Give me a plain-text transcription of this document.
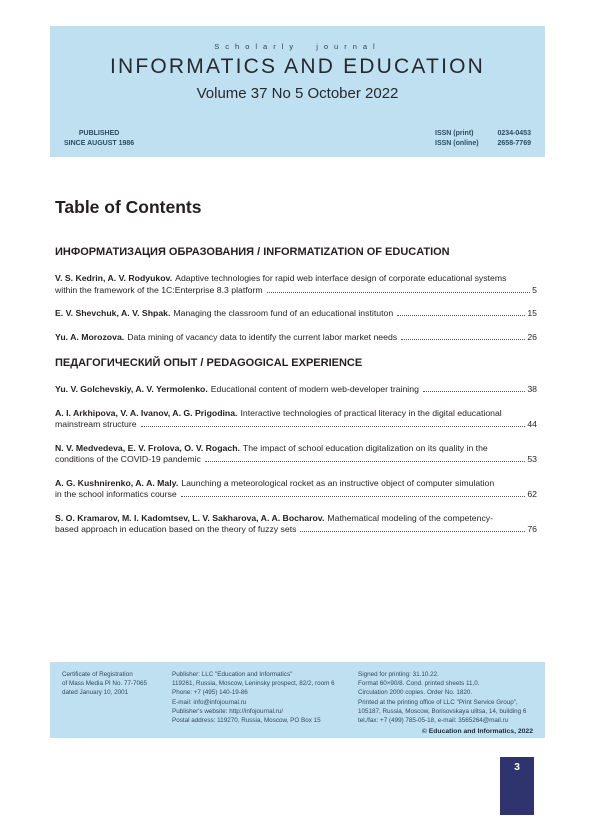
Scholarly journal
INFORMATICS AND EDUCATION
Volume 37 No 5 October 2022
PUBLISHED
SINCE AUGUST 1986
ISSN (print)	0234-0453
ISSN (online)	2658-7769
Table of Contents
ИНФОРМАТИЗАЦИЯ ОБРАЗОВАНИЯ / INFORMATIZATION OF EDUCATION
V. S. Kedrin, A. V. Rodyukov. Adaptive technologies for rapid web interface design of corporate educational systems
within the framework of the 1C:Enterprise 8.3 platform	5
E. V. Shevchuk, A. V. Shpak. Managing the classroom fund of an educational instituton	15
Yu. A. Morozova. Data mining of vacancy data to identify the current labor market needs	26
ПЕДАГОГИЧЕСКИЙ ОПЫТ / PEDAGOGICAL EXPERIENCE
Yu. V. Golchevskiy, A. V. Yermolenko. Educational content of modern web-developer training	38
A. I. Arkhipova, V. A. Ivanov, A. G. Prigodina. Interactive technologies of practical literacy in the digital educational
mainstream structure	44
N. V. Medvedeva, E. V. Frolova, O. V. Rogach. The impact of school education digitalization on its quality in the
conditions of the COVID-19 pandemic	53
A. G. Kushnirenko, A. A. Maly. Launching a meteorological rocket as an instructive object of computer simulation
in the school informatics course	62
S. O. Kramarov, M. I. Kadomtsev, L. V. Sakharova, A. A. Bocharov. Mathematical modeling of the competency-
based approach in education based on the theory of fuzzy sets	76
Certificate of Registration
of Mass Media PI No. 77-7065
dated January 10, 2001
Publisher: LLC "Education and Informatics"
119261, Russia, Moscow, Leninsky prospect, 82/2, room 6
Phone: +7 (495) 140-19-86
E-mail: info@infojournal.ru
Publisher's website: http://infojournal.ru/
Postal address: 119270, Russia, Moscow, PO Box 15
Signed for printing: 31.10.22.
Format 60×90/8. Cond. printed sheets 11,0.
Circulation 2000 copies. Order No. 1820.
Printed at the printing office of LLC "Print Service Group",
105187, Russia, Moscow, Borisovskaya ulitsa, 14, building 6
tel./fax: +7 (499) 785-05-18, e-mail: 3565264@mail.ru
© Education and Informatics, 2022
3
